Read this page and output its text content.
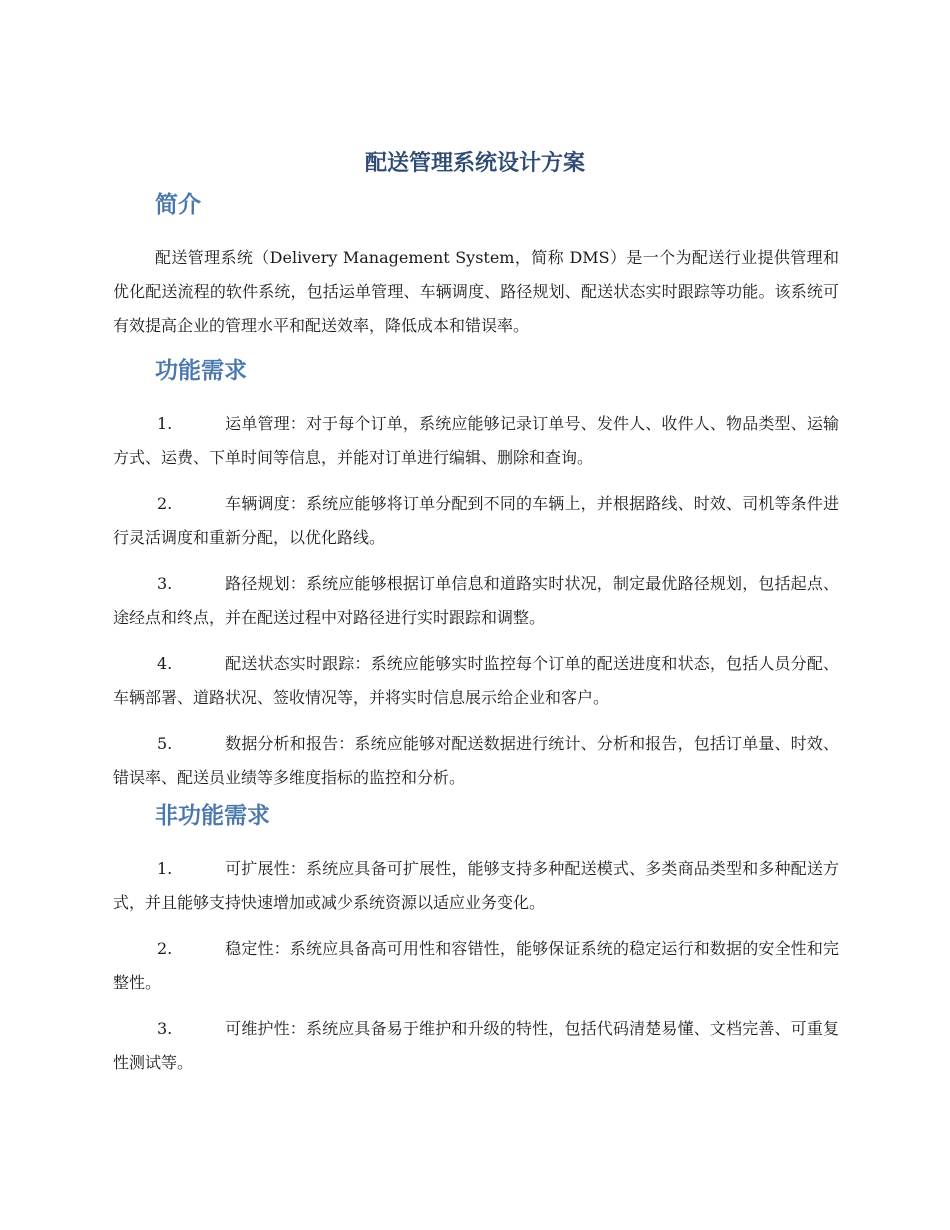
配送管理系统设计方案
简介

配送管理系统（Delivery Management System，简称 DMS）是一个为配送行业提供管理和优化配送流程的软件系统，包括运单管理、车辆调度、路径规划、配送状态实时跟踪等功能。该系统可有效提高企业的管理水平和配送效率，降低成本和错误率。

功能需求
1.	运单管理：对于每个订单，系统应能够记录订单号、发件人、收件人、物品类型、运输方式、运费、下单时间等信息，并能对订单进行编辑、删除和查询。
2.	车辆调度：系统应能够将订单分配到不同的车辆上，并根据路线、时效、司机等条件进行灵活调度和重新分配，以优化路线。
3.	路径规划：系统应能够根据订单信息和道路实时状况，制定最优路径规划，包括起点、途经点和终点，并在配送过程中对路径进行实时跟踪和调整。
4.	配送状态实时跟踪：系统应能够实时监控每个订单的配送进度和状态，包括人员分配、车辆部署、道路状况、签收情况等，并将实时信息展示给企业和客户。
5.	数据分析和报告：系统应能够对配送数据进行统计、分析和报告，包括订单量、时效、错误率、配送员业绩等多维度指标的监控和分析。
非功能需求
1.	可扩展性：系统应具备可扩展性，能够支持多种配送模式、多类商品类型和多种配送方式，并且能够支持快速增加或减少系统资源以适应业务变化。
2.	稳定性：系统应具备高可用性和容错性，能够保证系统的稳定运行和数据的安全性和完整性。
3.	可维护性：系统应具备易于维护和升级的特性，包括代码清楚易懂、文档完善、可重复性测试等。
